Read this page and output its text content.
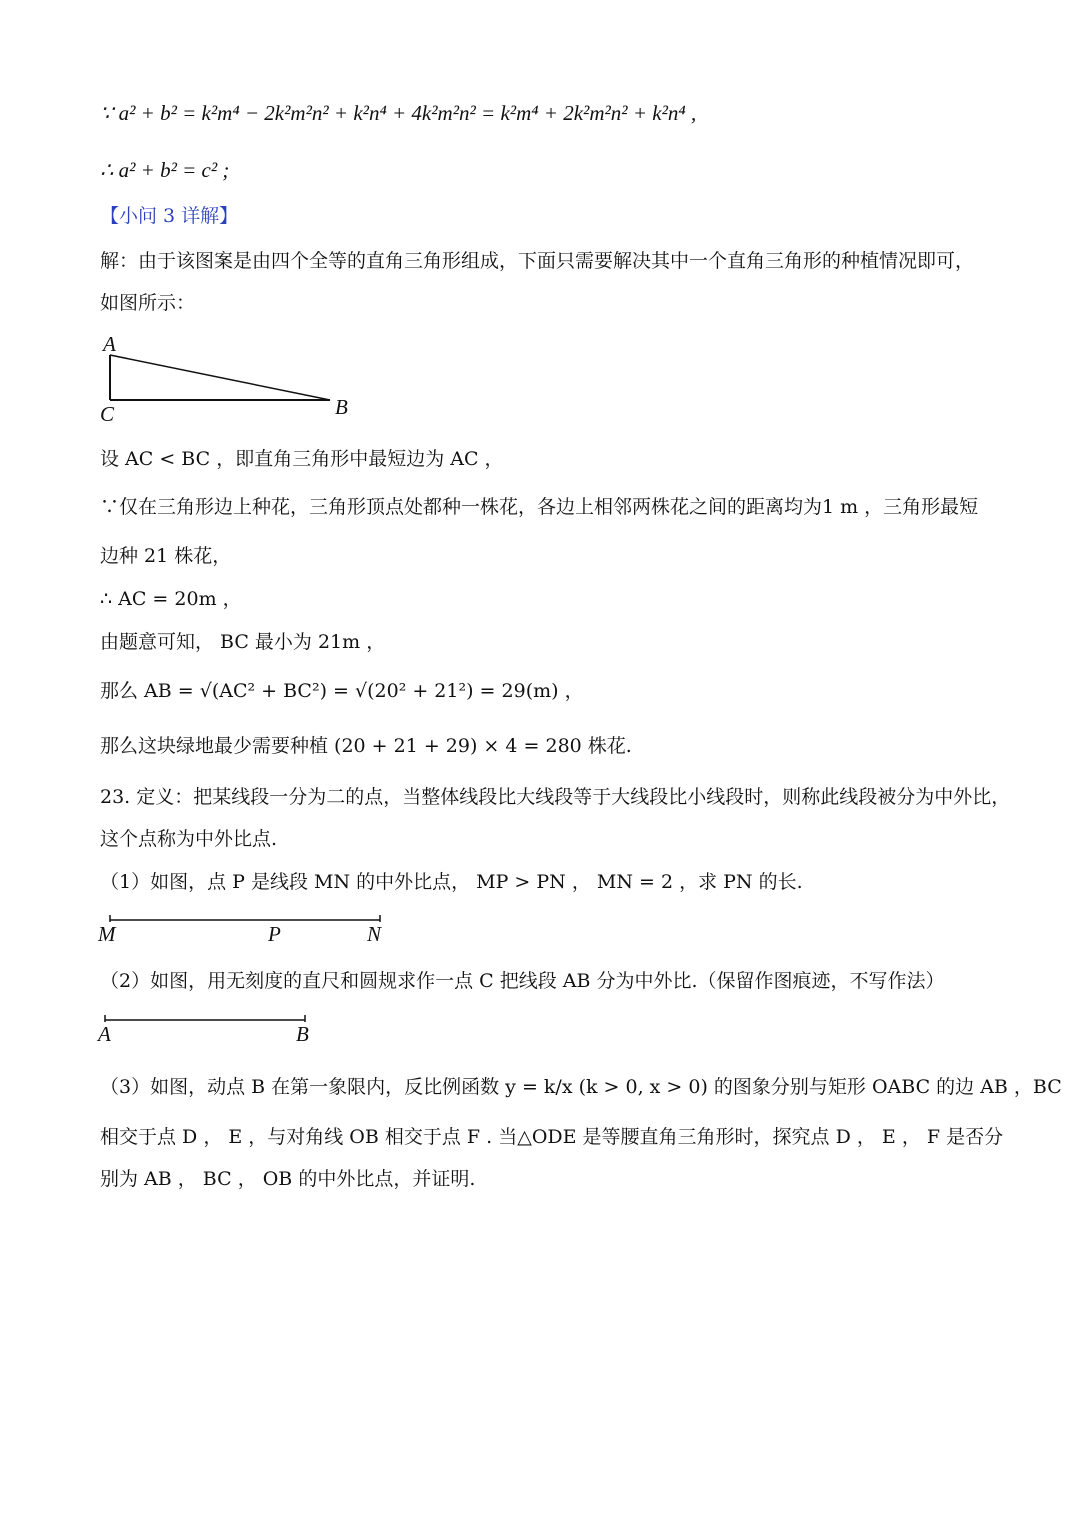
∵ a² + b² = k²m⁴ − 2k²m²n² + k²n⁴ + 4k²m²n² = k²m⁴ + 2k²m²n² + k²n⁴ ,
∴ a² + b² = c² ;
【小问 3 详解】
解：由于该图案是由四个全等的直角三角形组成，下面只需要解决其中一个直角三角形的种植情况即可，
如图所示：
A
C	B
设 AC < BC ，即直角三角形中最短边为 AC ，
∵仅在三角形边上种花，三角形顶点处都种一株花，各边上相邻两株花之间的距离均为1 m ，三角形最短
边种 21 株花，
∴ AC = 20m ，
由题意可知， BC 最小为 21m ，
那么 AB = √(AC² + BC²) = √(20² + 21²) = 29(m) ，
那么这块绿地最少需要种植 (20 + 21 + 29) × 4 = 280 株花.
23. 定义：把某线段一分为二的点，当整体线段比大线段等于大线段比小线段时，则称此线段被分为中外比，
这个点称为中外比点.
（1）如图，点 P 是线段 MN 的中外比点， MP > PN ， MN = 2 ，求 PN 的长.
M	P	N
（2）如图，用无刻度的直尺和圆规求作一点 C 把线段 AB 分为中外比.（保留作图痕迹，不写作法）
A	B
（3）如图，动点 B 在第一象限内，反比例函数 y = k/x (k > 0, x > 0) 的图象分别与矩形 OABC 的边 AB ，BC
相交于点 D ， E ，与对角线 OB 相交于点 F . 当△ODE 是等腰直角三角形时，探究点 D ， E ， F 是否分
别为 AB ， BC ， OB 的中外比点，并证明.
